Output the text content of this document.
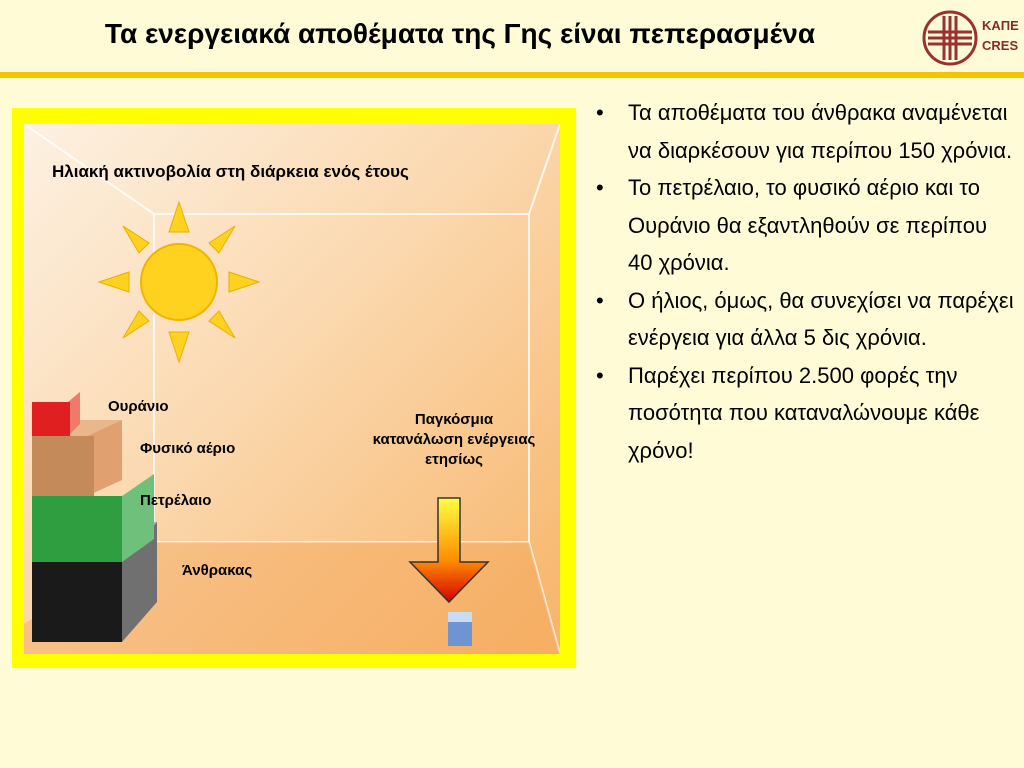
Τα ενεργειακά αποθέματα της Γης είναι πεπερασμένα	ΚΑΠΕ
CRES
Ηλιακή ακτινοβολία στη διάρκεια ενός έτους
Ουράνιο
Φυσικό αέριο
Πετρέλαιο
Άνθρακας
Παγκόσμια
κατανάλωση ενέργειας
ετησίως
• Τα αποθέματα του άνθρακα αναμένεται να διαρκέσουν για περίπου 150 χρόνια.
• Το πετρέλαιο, το φυσικό αέριο και το Ουράνιο θα εξαντληθούν σε περίπου 40 χρόνια.
• Ο ήλιος, όμως, θα συνεχίσει να παρέχει ενέργεια για άλλα 5 δις χρόνια.
• Παρέχει περίπου 2.500 φορές την ποσότητα που καταναλώνουμε κάθε χρόνο!
